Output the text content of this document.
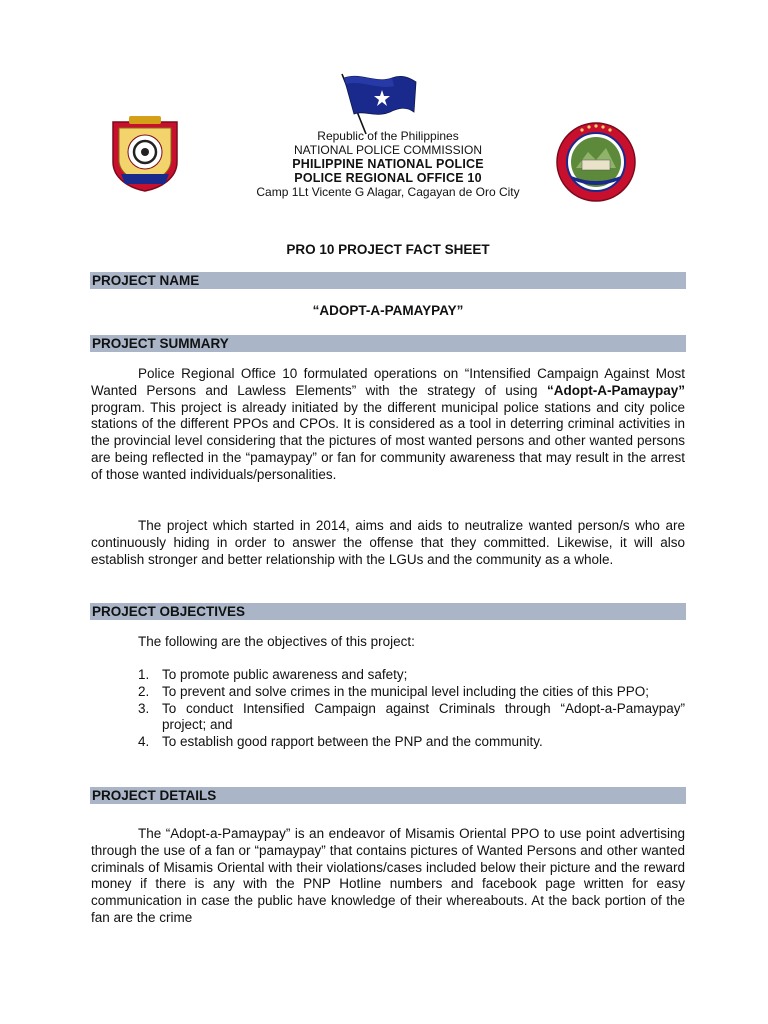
Republic of the Philippines
NATIONAL POLICE COMMISSION
PHILIPPINE NATIONAL POLICE
POLICE REGIONAL OFFICE 10
Camp 1Lt Vicente G Alagar, Cagayan de Oro City
PRO 10 PROJECT FACT SHEET
PROJECT NAME
“ADOPT-A-PAMAYPAY”
PROJECT SUMMARY

Police Regional Office 10 formulated operations on “Intensified Campaign Against Most Wanted Persons and Lawless Elements” with the strategy of using “Adopt-A-Pamaypay” program. This project is already initiated by the different municipal police stations and city police stations of the different PPOs and CPOs. It is considered as a tool in deterring criminal activities in the provincial level considering that the pictures of most wanted persons and other wanted persons are being reflected in the “pamaypay” or fan for community awareness that may result in the arrest of those wanted individuals/personalities.

The project which started in 2014, aims and aids to neutralize wanted person/s who are continuously hiding in order to answer the offense that they committed. Likewise, it will also establish stronger and better relationship with the LGUs and the community as a whole.

PROJECT OBJECTIVES
The following are the objectives of this project:
1. To promote public awareness and safety;
2. To prevent and solve crimes in the municipal level including the cities of this PPO;
3. To conduct Intensified Campaign against Criminals through “Adopt-a-Pamaypay” project; and
4. To establish good rapport between the PNP and the community.
PROJECT DETAILS

The “Adopt-a-Pamaypay” is an endeavor of Misamis Oriental PPO to use point advertising through the use of a fan or “pamaypay” that contains pictures of Wanted Persons and other wanted criminals of Misamis Oriental with their violations/cases included below their picture and the reward money if there is any with the PNP Hotline numbers and facebook page written for easy communication in case the public have knowledge of their whereabouts. At the back portion of the fan are the crime
